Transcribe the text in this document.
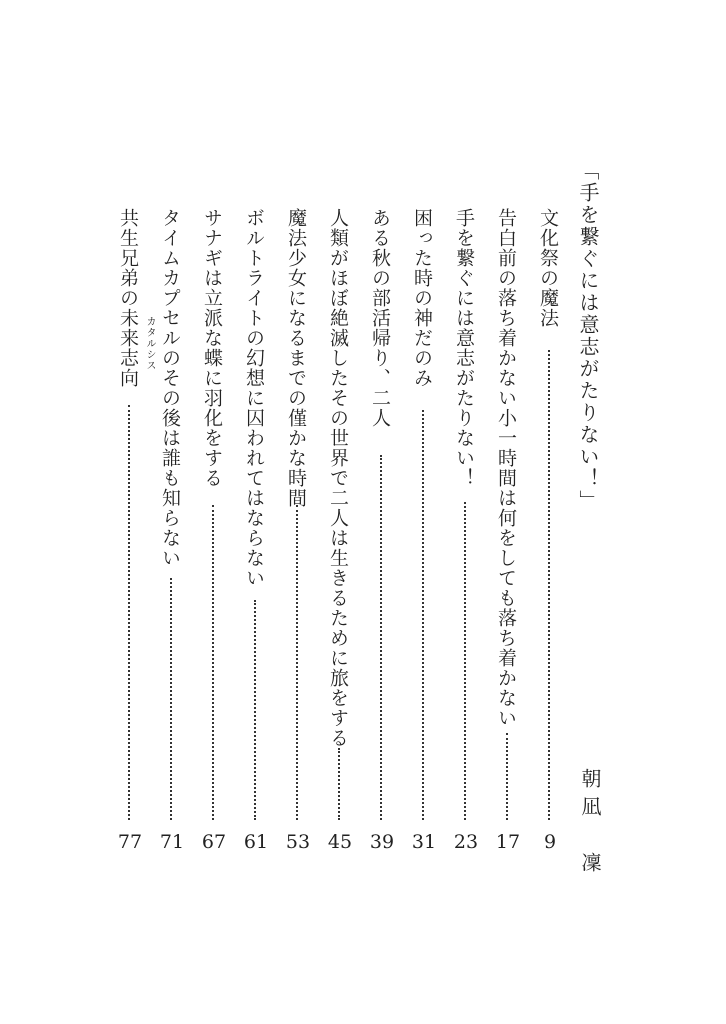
「手を繋ぐには意志がたりない！」
朝凪　凜
文化祭の魔法
9
告白前の落ち着かない小一時間は何をしても落ち着かない
17
手を繋ぐには意志がたりない！
23
困った時の神だのみ
31
ある秋の部活帰り、二人
39
人類がほぼ絶滅したその世界で二人は生きるために旅をする
45
魔法少女になるまでの僅かな時間
53
ボルトライトの幻想に囚われてはならない
61
サナギは立派な蝶に羽化をする
67
タイムカプセルのその後は誰も知らない
71
共生兄弟の未来志向 カタルシス
77
